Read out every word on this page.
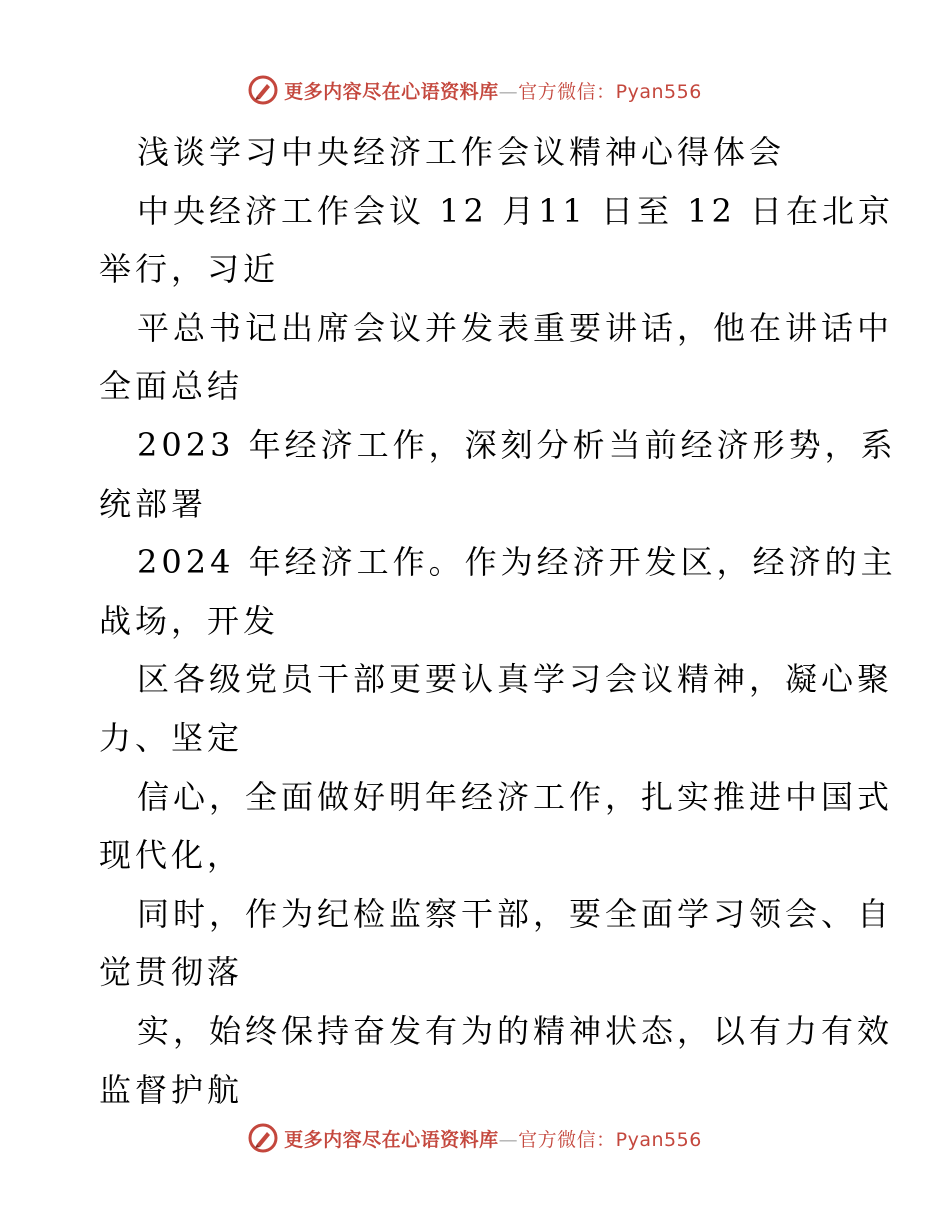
更多内容尽在心语资料库—官方微信：Pyan556
浅谈学习中央经济工作会议精神心得体会
中央经济工作会议 12 月11 日至 12 日在北京
举行，习近
平总书记出席会议并发表重要讲话，他在讲话中
全面总结
2023 年经济工作，深刻分析当前经济形势，系
统部署
2024 年经济工作。作为经济开发区，经济的主
战场，开发
区各级党员干部更要认真学习会议精神，凝心聚
力、坚定
信心，全面做好明年经济工作，扎实推进中国式
现代化，
同时，作为纪检监察干部，要全面学习领会、自
觉贯彻落
实，始终保持奋发有为的精神状态，以有力有效
监督护航
更多内容尽在心语资料库—官方微信：Pyan556
